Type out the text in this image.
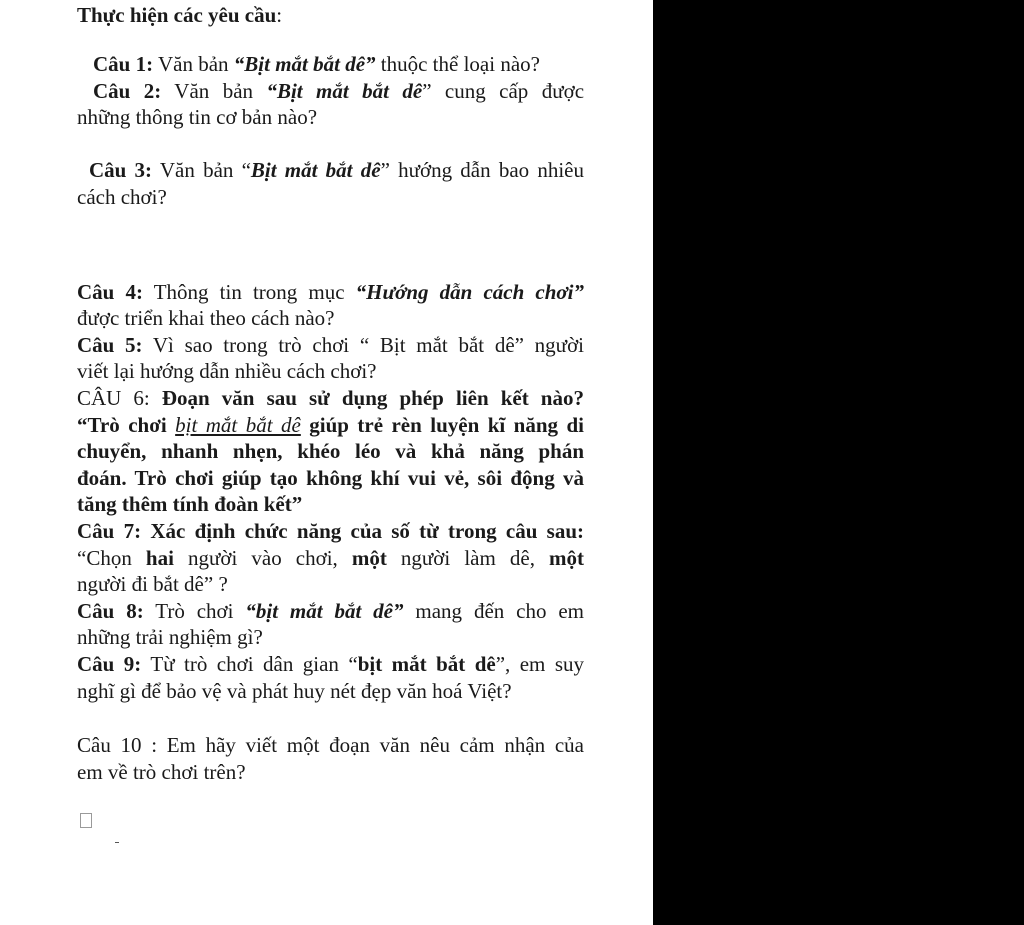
Thực hiện các yêu cầu:
Câu 1: Văn bản “Bịt mắt bắt dê” thuộc thể loại nào?
Câu 2: Văn bản “Bịt mắt bắt dê” cung cấp được
những thông tin cơ bản nào?
Câu 3: Văn bản “Bịt mắt bắt dê” hướng dẫn bao nhiêu
cách chơi?
Câu 4: Thông tin trong mục “Hướng dẫn cách chơi”
được triển khai theo cách nào?
Câu 5: Vì sao trong trò chơi “ Bịt mắt bắt dê” người
viết lại hướng dẫn nhiều cách chơi?
CÂU 6: Đoạn văn sau sử dụng phép liên kết nào?
“Trò chơi bịt mắt bắt dê giúp trẻ rèn luyện kĩ năng di
chuyển, nhanh nhẹn, khéo léo và khả năng phán
đoán. Trò chơi giúp tạo không khí vui vẻ, sôi động và
tăng thêm tính đoàn kết”
Câu 7: Xác định chức năng của số từ trong câu sau:
“Chọn hai người vào chơi, một người làm dê, một
người đi bắt dê” ?
Câu 8: Trò chơi “bịt mắt bắt dê” mang đến cho em
những trải nghiệm gì?
Câu 9: Từ trò chơi dân gian “bịt mắt bắt dê”, em suy
nghĩ gì để bảo vệ và phát huy nét đẹp văn hoá Việt?
Câu 10 : Em hãy viết một đoạn văn nêu cảm nhận của
em về trò chơi trên?
